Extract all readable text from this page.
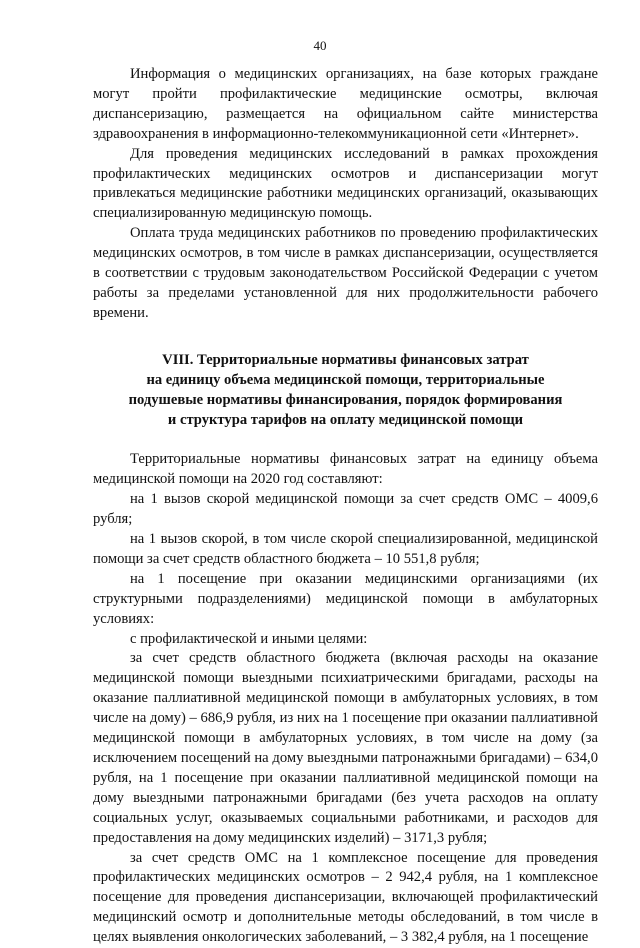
40

Информация о медицинских организациях, на базе которых граждане могут пройти профилактические медицинские осмотры, включая диспансеризацию, размещается на официальном сайте министерства здравоохранения в информационно-телекоммуникационной сети «Интернет».

Для проведения медицинских исследований в рамках прохождения профилактических медицинских осмотров и диспансеризации могут привлекаться медицинские работники медицинских организаций, оказывающих специализированную медицинскую помощь.

Оплата труда медицинских работников по проведению профилактических медицинских осмотров, в том числе в рамках диспансеризации, осуществляется в соответствии с трудовым законодательством Российской Федерации с учетом работы за пределами установленной для них продолжительности рабочего времени.

VIII. Территориальные нормативы финансовых затрат
на единицу объема медицинской помощи, территориальные
подушевые нормативы финансирования, порядок формирования
и структура тарифов на оплату медицинской помощи

Территориальные нормативы финансовых затрат на единицу объема медицинской помощи на 2020 год составляют:

на 1 вызов скорой медицинской помощи за счет средств ОМС – 4009,6 рубля;

на 1 вызов скорой, в том числе скорой специализированной, медицинской помощи за счет средств областного бюджета – 10 551,8 рубля;

на 1 посещение при оказании медицинскими организациями (их структурными подразделениями) медицинской помощи в амбулаторных условиях:

с профилактической и иными целями:

за счет средств областного бюджета (включая расходы на оказание медицинской помощи выездными психиатрическими бригадами, расходы на оказание паллиативной медицинской помощи в амбулаторных условиях, в том числе на дому) – 686,9 рубля, из них на 1 посещение при оказании паллиативной медицинской помощи в амбулаторных условиях, в том числе на дому (за исключением посещений на дому выездными патронажными бригадами) – 634,0 рубля, на 1 посещение при оказании паллиативной медицинской помощи на дому выездными патронажными бригадами (без учета расходов на оплату социальных услуг, оказываемых социальными работниками, и расходов для предоставления на дому медицинских изделий) – 3171,3 рубля;

за счет средств ОМС на 1 комплексное посещение для проведения профилактических медицинских осмотров – 2 942,4 рубля, на 1 комплексное посещение для проведения диспансеризации, включающей профилактический медицинский осмотр и дополнительные методы обследований, в том числе в целях выявления онкологических заболеваний, – 3 382,4 рубля, на 1 посещение
